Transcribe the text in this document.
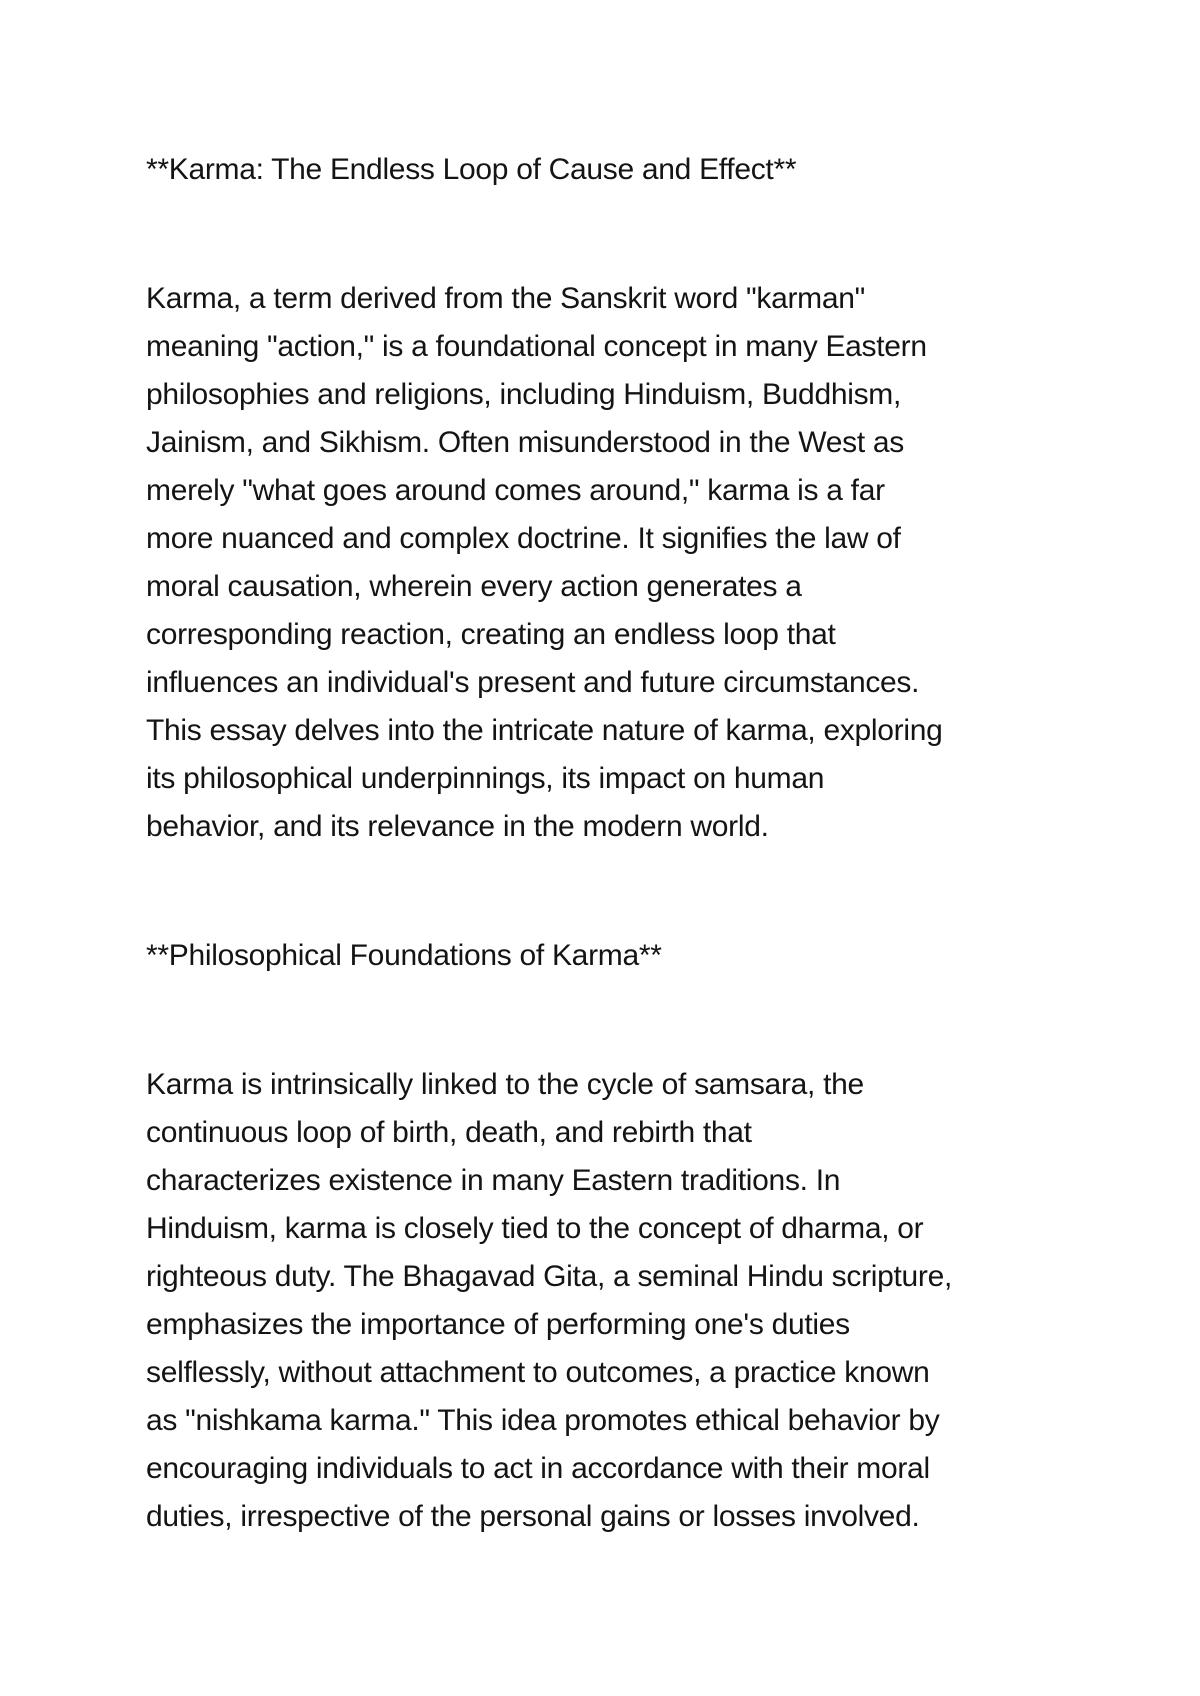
**Karma: The Endless Loop of Cause and Effect**
Karma, a term derived from the Sanskrit word "karman"
meaning "action," is a foundational concept in many Eastern
philosophies and religions, including Hinduism, Buddhism,
Jainism, and Sikhism. Often misunderstood in the West as
merely "what goes around comes around," karma is a far
more nuanced and complex doctrine. It signifies the law of
moral causation, wherein every action generates a
corresponding reaction, creating an endless loop that
influences an individual's present and future circumstances.
This essay delves into the intricate nature of karma, exploring
its philosophical underpinnings, its impact on human
behavior, and its relevance in the modern world.
**Philosophical Foundations of Karma**
Karma is intrinsically linked to the cycle of samsara, the
continuous loop of birth, death, and rebirth that
characterizes existence in many Eastern traditions. In
Hinduism, karma is closely tied to the concept of dharma, or
righteous duty. The Bhagavad Gita, a seminal Hindu scripture,
emphasizes the importance of performing one's duties
selflessly, without attachment to outcomes, a practice known
as "nishkama karma." This idea promotes ethical behavior by
encouraging individuals to act in accordance with their moral
duties, irrespective of the personal gains or losses involved.
